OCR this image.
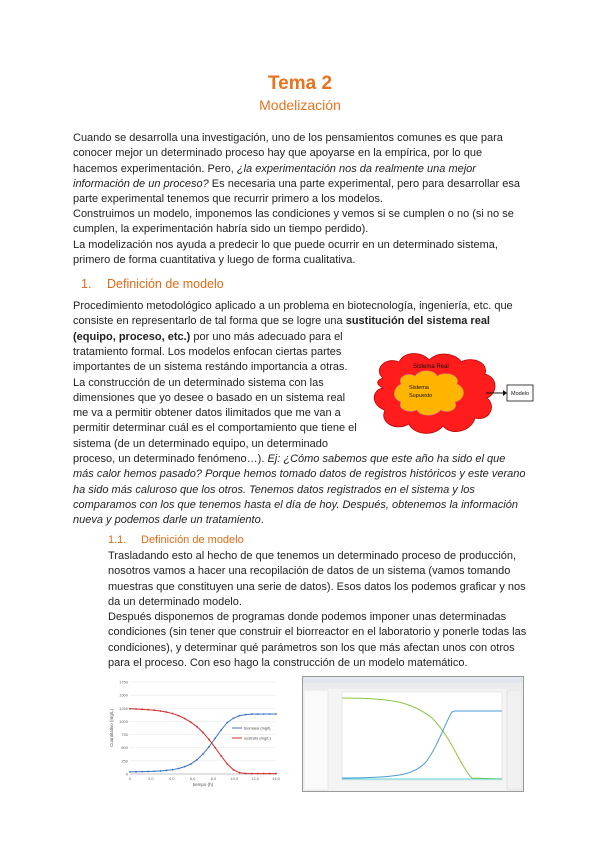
Tema 2
Modelización

Cuando se desarrolla una investigación, uno de los pensamientos comunes es que para conocer mejor un determinado proceso hay que apoyarse en la empírica, por lo que hacemos experimentación. Pero, ¿la experimentación nos da realmente una mejor información de un proceso? Es necesaria una parte experimental, pero para desarrollar esa parte experimental tenemos que recurrir primero a los modelos.

Construimos un modelo, imponemos las condiciones y vemos si se cumplen o no (si no se cumplen, la experimentación habría sido un tiempo perdido).

La modelización nos ayuda a predecir lo que puede ocurrir en un determinado sistema, primero de forma cuantitativa y luego de forma cualitativa.

1. Definición de modelo

Procedimiento metodológico aplicado a un problema en biotecnología, ingeniería, etc. que consiste en representarlo de tal forma que se logre una sustitución del sistema real (equipo, proceso, etc.) por uno más adecuado para el

tratamiento formal. Los modelos enfocan ciertas partes
importantes de un sistema restándo importancia a otras.
La construcción de un determinado sistema con las
dimensiones que yo desee o basado en un sistema real
me va a permitir obtener datos ilimitados que me van a
permitir determinar cuál es el comportamiento que tiene el
sistema (de un determinado equipo, un determinado

proceso, un determinado fenómeno…). Ej: ¿Cómo sabemos que este año ha sido el que más calor hemos pasado? Porque hemos tomado datos de registros históricos y este verano ha sido más caluroso que los otros. Tenemos datos registrados en el sistema y los comparamos con los que tenemos hasta el día de hoy. Después, obtenemos la información nueva y podemos darle un tratamiento.

Sistema Real
Sistema
Supuesto	Modelo
1.1. Definición de modelo

Trasladando esto al hecho de que tenemos un determinado proceso de producción, nosotros vamos a hacer una recopilación de datos de un sistema (vamos tomando muestras que constituyen una serie de datos). Esos datos los podemos graficar y nos da un determinado modelo.

Después disponemos de programas donde podemos imponer unas determinadas condiciones (sin tener que construir el biorreactor en el laboratorio y ponerle todas las condiciones), y determinar qué parámetros son los que más afectan unos con otros para el proceso. Con eso hago la construcción de un modelo matemático.

0
250
500
750
1000
1250
1500
1750
0	2,0	4,0	6,0	8,0	10,0	12,0	14,0
tiempo (h)
Cuantitativo (mg/L)	biomasa (mg/l)
sustrato (mg/L)
